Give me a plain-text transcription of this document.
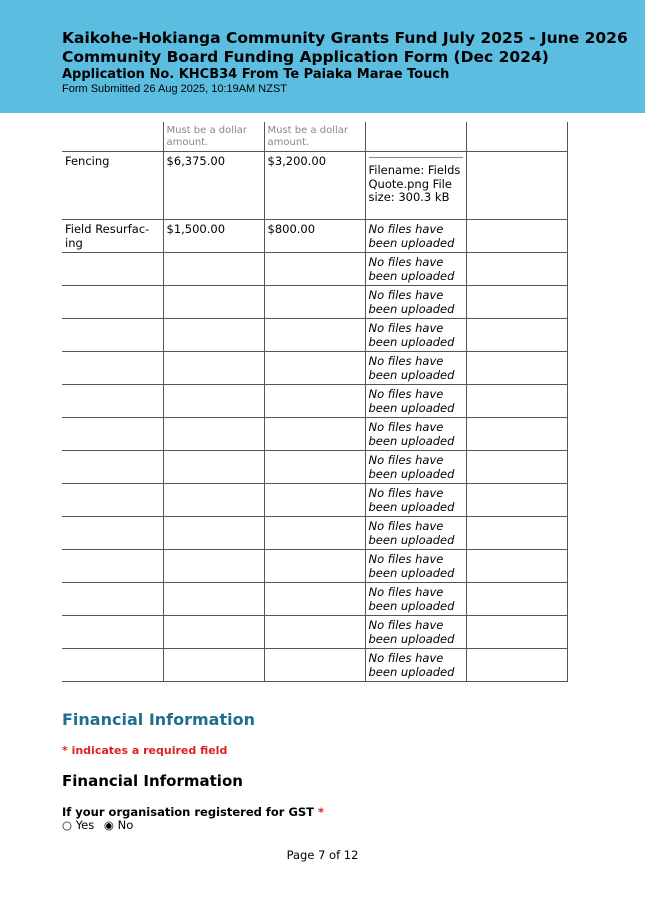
Kaikohe-Hokianga Community Grants Fund July 2025 - June 2026
Community Board Funding Application Form (Dec 2024)
Application No. KHCB34 From Te Paiaka Marae Touch
Form Submitted 26 Aug 2025, 10:19AM NZST
	Must be a dollar amount.	Must be a dollar amount.		
Fencing	$6,375.00	$3,200.00	Filename: Fields Quote.png File size: 300.3 kB	

Field Resurfac-ing	$1,500.00	$800.00	No files have been uploaded	
			No files have been uploaded	
			No files have been uploaded	
			No files have been uploaded	
			No files have been uploaded	
			No files have been uploaded	
			No files have been uploaded	
			No files have been uploaded	
			No files have been uploaded	
			No files have been uploaded	
			No files have been uploaded	
			No files have been uploaded	
			No files have been uploaded	
			No files have been uploaded	
Financial Information
* indicates a required field
Financial Information
If your organisation registered for GST *
○ Yes ◉ No
Page 7 of 12
